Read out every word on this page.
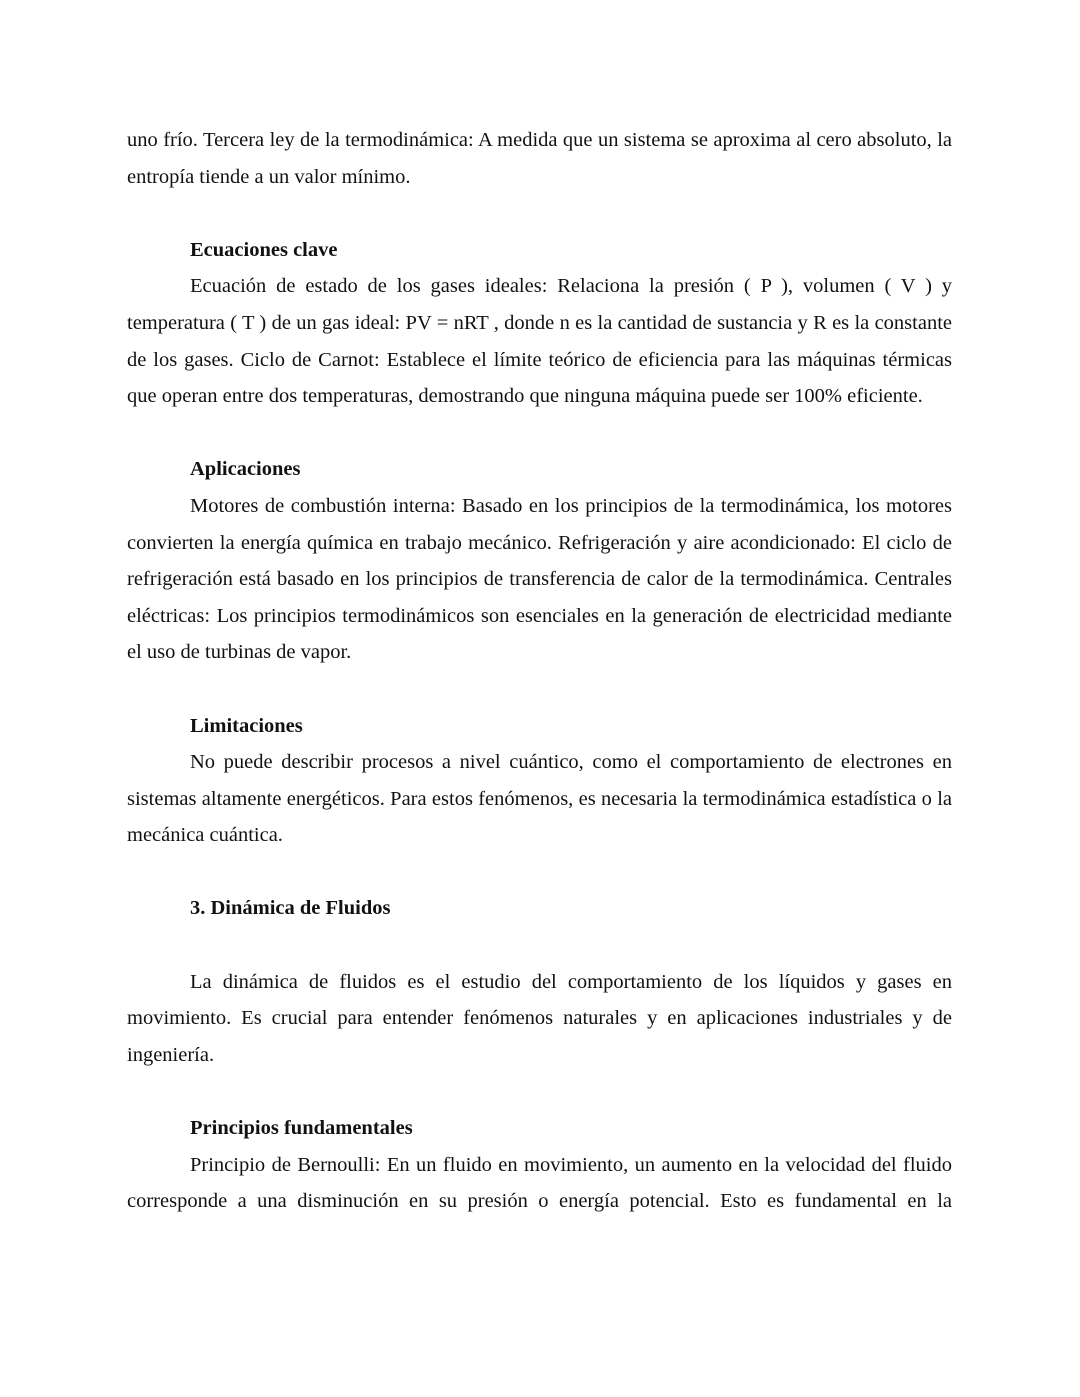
uno frío. Tercera ley de la termodinámica: A medida que un sistema se aproxima al cero absoluto, la entropía tiende a un valor mínimo.

Ecuaciones clave

Ecuación de estado de los gases ideales: Relaciona la presión ( P ), volumen ( V ) y temperatura ( T ) de un gas ideal: PV = nRT , donde n es la cantidad de sustancia y R es la constante de los gases. Ciclo de Carnot: Establece el límite teórico de eficiencia para las máquinas térmicas que operan entre dos temperaturas, demostrando que ninguna máquina puede ser 100% eficiente.

Aplicaciones

Motores de combustión interna: Basado en los principios de la termodinámica, los motores convierten la energía química en trabajo mecánico. Refrigeración y aire acondicionado: El ciclo de refrigeración está basado en los principios de transferencia de calor de la termodinámica. Centrales eléctricas: Los principios termodinámicos son esenciales en la generación de electricidad mediante el uso de turbinas de vapor.

Limitaciones

No puede describir procesos a nivel cuántico, como el comportamiento de electrones en sistemas altamente energéticos. Para estos fenómenos, es necesaria la termodinámica estadística o la mecánica cuántica.

3. Dinámica de Fluidos

La dinámica de fluidos es el estudio del comportamiento de los líquidos y gases en movimiento. Es crucial para entender fenómenos naturales y en aplicaciones industriales y de ingeniería.

Principios fundamentales

Principio de Bernoulli: En un fluido en movimiento, un aumento en la velocidad del fluido corresponde a una disminución en su presión o energía potencial. Esto es fundamental en la
